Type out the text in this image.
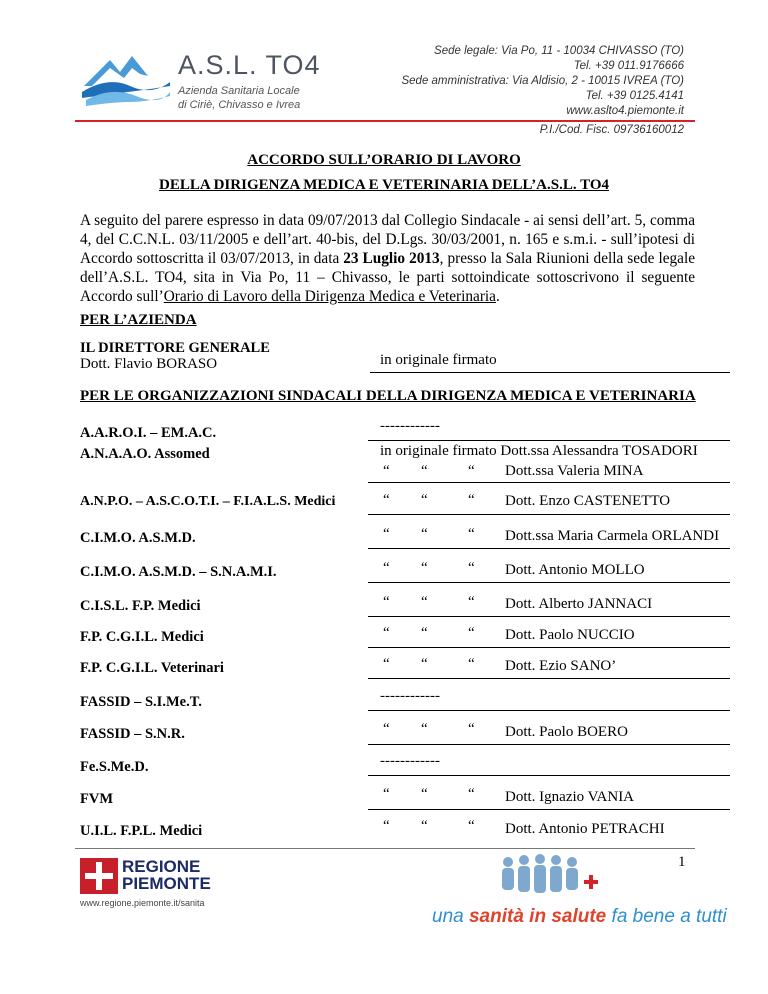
A.S.L. TO4
Azienda Sanitaria Locale
di Ciriè, Chivasso e Ivrea
Sede legale: Via Po, 11 - 10034 CHIVASSO (TO)
Tel. +39 011.9176666
Sede amministrativa: Via Aldisio, 2 - 10015 IVREA (TO)
Tel. +39 0125.4141
www.aslto4.piemonte.it
P.I./Cod. Fisc. 09736160012
ACCORDO SULL’ORARIO DI LAVORO
DELLA DIRIGENZA MEDICA E VETERINARIA DELL’A.S.L. TO4
A seguito del parere espresso in data 09/07/2013 dal Collegio Sindacale - ai sensi dell’art. 5, comma 4, del C.C.N.L. 03/11/2005 e dell’art. 40-bis, del D.Lgs. 30/03/2001, n. 165 e s.m.i. - sull’ipotesi di Accordo sottoscritta il 03/07/2013, in data 23 Luglio 2013, presso la Sala Riunioni della sede legale dell’A.S.L. TO4, sita in Via Po, 11 – Chivasso, le parti sottoindicate sottoscrivono il seguente Accordo sull’Orario di Lavoro della Dirigenza Medica e Veterinaria.
PER L’AZIENDA
IL DIRETTORE GENERALE
Dott. Flavio BORASO	in originale firmato
PER LE ORGANIZZAZIONI SINDACALI DELLA DIRIGENZA MEDICA E VETERINARIA
A.A.R.O.I. – EM.A.C.	------------
A.N.A.A.O. Assomed	in originale firmato Dott.ssa Alessandra TOSADORI
“ “	“ Dott.ssa Valeria MINA
A.N.P.O. – A.S.C.O.T.I. – F.I.A.L.S. Medici	“ “	“ Dott. Enzo CASTENETTO
C.I.M.O. A.S.M.D.	“ “	“ Dott.ssa Maria Carmela ORLANDI
C.I.M.O. A.S.M.D. – S.N.A.M.I.	“ “	“ Dott. Antonio MOLLO
C.I.S.L. F.P. Medici	“ “	“ Dott. Alberto JANNACI
F.P. C.G.I.L. Medici	“ “	“ Dott. Paolo NUCCIO
F.P. C.G.I.L. Veterinari	“ “	“ Dott. Ezio SANO’
FASSID – S.I.Me.T.	------------
FASSID – S.N.R.	“ “	“ Dott. Paolo BOERO
Fe.S.Me.D.	------------
FVM	“ “	“ Dott. Ignazio VANIA
U.I.L. F.P.L. Medici	“ “	“ Dott. Antonio PETRACHI
1
REGIONE
PIEMONTE
www.regione.piemonte.it/sanita
una sanità in salute fa bene a tutti
